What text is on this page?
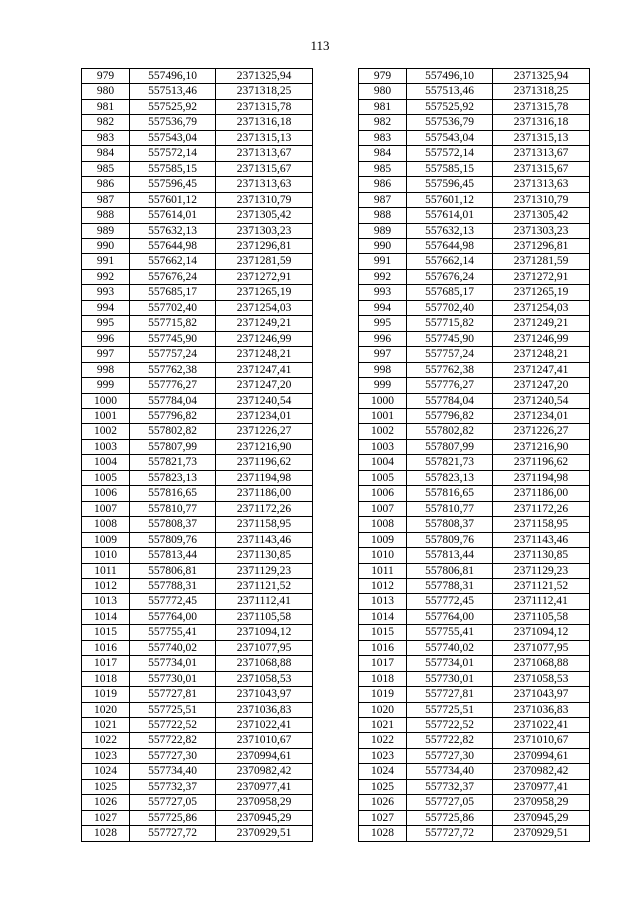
113
979	557496,10	2371325,94
980	557513,46	2371318,25
981	557525,92	2371315,78
982	557536,79	2371316,18
983	557543,04	2371315,13
984	557572,14	2371313,67
985	557585,15	2371315,67
986	557596,45	2371313,63
987	557601,12	2371310,79
988	557614,01	2371305,42
989	557632,13	2371303,23
990	557644,98	2371296,81
991	557662,14	2371281,59
992	557676,24	2371272,91
993	557685,17	2371265,19
994	557702,40	2371254,03
995	557715,82	2371249,21
996	557745,90	2371246,99
997	557757,24	2371248,21
998	557762,38	2371247,41
999	557776,27	2371247,20
1000	557784,04	2371240,54
1001	557796,82	2371234,01
1002	557802,82	2371226,27
1003	557807,99	2371216,90
1004	557821,73	2371196,62
1005	557823,13	2371194,98
1006	557816,65	2371186,00
1007	557810,77	2371172,26
1008	557808,37	2371158,95
1009	557809,76	2371143,46
1010	557813,44	2371130,85
1011	557806,81	2371129,23
1012	557788,31	2371121,52
1013	557772,45	2371112,41
1014	557764,00	2371105,58
1015	557755,41	2371094,12
1016	557740,02	2371077,95
1017	557734,01	2371068,88
1018	557730,01	2371058,53
1019	557727,81	2371043,97
1020	557725,51	2371036,83
1021	557722,52	2371022,41
1022	557722,82	2371010,67
1023	557727,30	2370994,61
1024	557734,40	2370982,42
1025	557732,37	2370977,41
1026	557727,05	2370958,29
1027	557725,86	2370945,29
1028	557727,72	2370929,51
979	557496,10	2371325,94
980	557513,46	2371318,25
981	557525,92	2371315,78
982	557536,79	2371316,18
983	557543,04	2371315,13
984	557572,14	2371313,67
985	557585,15	2371315,67
986	557596,45	2371313,63
987	557601,12	2371310,79
988	557614,01	2371305,42
989	557632,13	2371303,23
990	557644,98	2371296,81
991	557662,14	2371281,59
992	557676,24	2371272,91
993	557685,17	2371265,19
994	557702,40	2371254,03
995	557715,82	2371249,21
996	557745,90	2371246,99
997	557757,24	2371248,21
998	557762,38	2371247,41
999	557776,27	2371247,20
1000	557784,04	2371240,54
1001	557796,82	2371234,01
1002	557802,82	2371226,27
1003	557807,99	2371216,90
1004	557821,73	2371196,62
1005	557823,13	2371194,98
1006	557816,65	2371186,00
1007	557810,77	2371172,26
1008	557808,37	2371158,95
1009	557809,76	2371143,46
1010	557813,44	2371130,85
1011	557806,81	2371129,23
1012	557788,31	2371121,52
1013	557772,45	2371112,41
1014	557764,00	2371105,58
1015	557755,41	2371094,12
1016	557740,02	2371077,95
1017	557734,01	2371068,88
1018	557730,01	2371058,53
1019	557727,81	2371043,97
1020	557725,51	2371036,83
1021	557722,52	2371022,41
1022	557722,82	2371010,67
1023	557727,30	2370994,61
1024	557734,40	2370982,42
1025	557732,37	2370977,41
1026	557727,05	2370958,29
1027	557725,86	2370945,29
1028	557727,72	2370929,51
